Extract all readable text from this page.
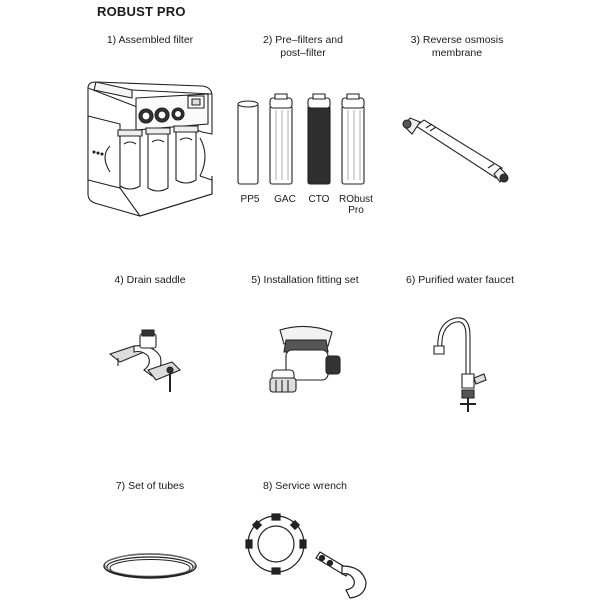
ROBUST PRO
1) Assembled filter	2) Pre–filters and
post–filter
3) Reverse osmosis
membrane
PP5	GAC	CTO RObust
Pro
4) Drain saddle	5) Installation fitting set	6) Purified water faucet
7) Set of tubes	8) Service wrench
